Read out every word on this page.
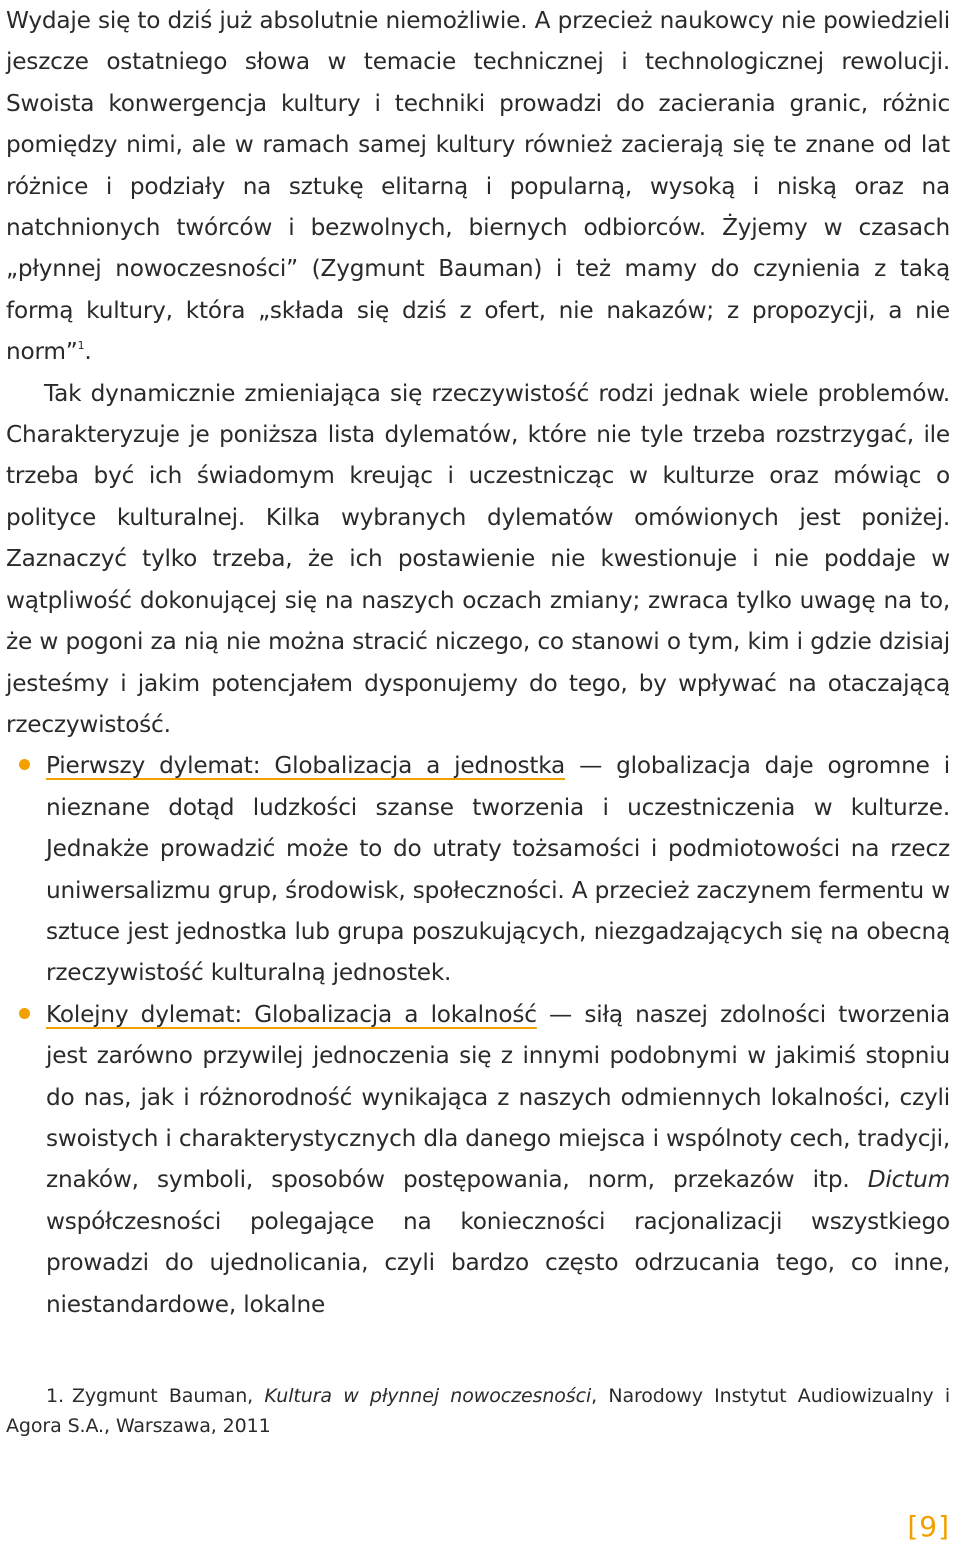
Wydaje się to dziś już absolutnie niemożliwie. A przecież naukowcy nie powiedzieli jeszcze ostatniego słowa w temacie technicznej i technologicznej rewolucji. Swoista konwergencja kultury i techniki prowadzi do zacierania granic, różnic pomiędzy nimi, ale w ramach samej kultury również zacierają się te znane od lat różnice i podziały na sztukę elitarną i popularną, wysoką i niską oraz na natchnionych twórców i bezwolnych, biernych odbiorców. Żyjemy w czasach „płynnej nowoczesności” (Zygmunt Bauman) i też mamy do czynienia z taką formą kultury, która „składa się dziś z ofert, nie nakazów; z propozycji, a nie norm”$^1$.

Tak dynamicznie zmieniająca się rzeczywistość rodzi jednak wiele problemów. Charakteryzuje je poniższa lista dylematów, które nie tyle trzeba rozstrzygać, ile trzeba być ich świadomym kreując i uczestnicząc w kulturze oraz mówiąc o polityce kulturalnej. Kilka wybranych dylematów omówionych jest poniżej. Zaznaczyć tylko trzeba, że ich postawienie nie kwestionuje i nie poddaje w wątpliwość dokonującej się na naszych oczach zmiany; zwraca tylko uwagę na to, że w pogoni za nią nie można stracić niczego, co stanowi o tym, kim i gdzie dzisiaj jesteśmy i jakim potencjałem dysponujemy do tego, by wpływać na otaczającą rzeczywistość.

Pierwszy dylemat: Globalizacja a jednostka — globalizacja daje ogromne i nieznane dotąd ludzkości szanse tworzenia i uczestniczenia w kulturze. Jednakże prowadzić może to do utraty tożsamości i podmiotowości na rzecz uniwersalizmu grup, środowisk, społeczności. A przecież zaczynem fermentu w sztuce jest jednostka lub grupa poszukujących, niezgadzających się na obecną rzeczywistość kulturalną jednostek.
Kolejny dylemat: Globalizacja a lokalność — siłą naszej zdolności tworzenia jest zarówno przywilej jednoczenia się z innymi podobnymi w jakimiś stopniu do nas, jak i różnorodność wynikająca z naszych odmiennych lokalności, czyli swoistych i charakterystycznych dla danego miejsca i wspólnoty cech, tradycji, znaków, symboli, sposobów postępowania, norm, przekazów itp. Dictum współczesności polegające na konieczności racjonalizacji wszystkiego prowadzi do ujednolicania, czyli bardzo często odrzucania tego, co inne, niestandardowe, lokalne
1. Zygmunt Bauman, Kultura w płynnej nowoczesności, Narodowy Instytut Audiowizualny i Agora S.A., Warszawa, 2011
[9]
